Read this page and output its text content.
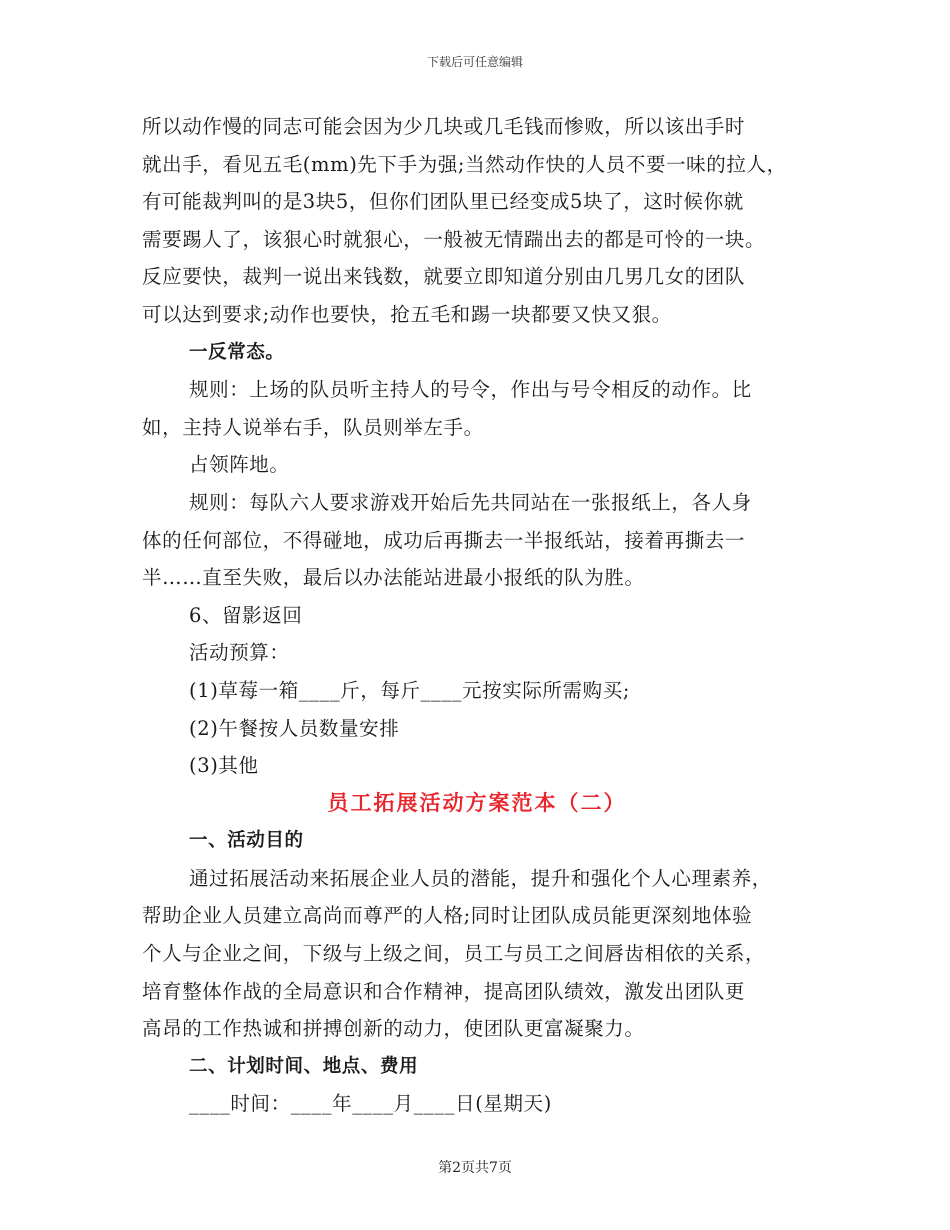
下载后可任意编辑
所以动作慢的同志可能会因为少几块或几毛钱而惨败，所以该出手时
就出手，看见五毛(mm)先下手为强;当然动作快的人员不要一味的拉人，
有可能裁判叫的是3块5，但你们团队里已经变成5块了，这时候你就
需要踢人了，该狠心时就狠心，一般被无情踹出去的都是可怜的一块。
反应要快，裁判一说出来钱数，就要立即知道分别由几男几女的团队
可以达到要求;动作也要快，抢五毛和踢一块都要又快又狠。
一反常态。
规则：上场的队员听主持人的号令，作出与号令相反的动作。比
如，主持人说举右手，队员则举左手。
占领阵地。
规则：每队六人要求游戏开始后先共同站在一张报纸上，各人身
体的任何部位，不得碰地，成功后再撕去一半报纸站，接着再撕去一
半……直至失败，最后以办法能站进最小报纸的队为胜。
6、留影返回
活动预算：
(1)草莓一箱____斤，每斤____元按实际所需购买;
(2)午餐按人员数量安排
(3)其他
员工拓展活动方案范本（二）
一、活动目的
通过拓展活动来拓展企业人员的潜能，提升和强化个人心理素养，
帮助企业人员建立高尚而尊严的人格;同时让团队成员能更深刻地体验
个人与企业之间，下级与上级之间，员工与员工之间唇齿相依的关系，
培育整体作战的全局意识和合作精神，提高团队绩效，激发出团队更
高昂的工作热诚和拼搏创新的动力，使团队更富凝聚力。
二、计划时间、地点、费用
____时间：____年____月____日(星期天)
第2页共7页
